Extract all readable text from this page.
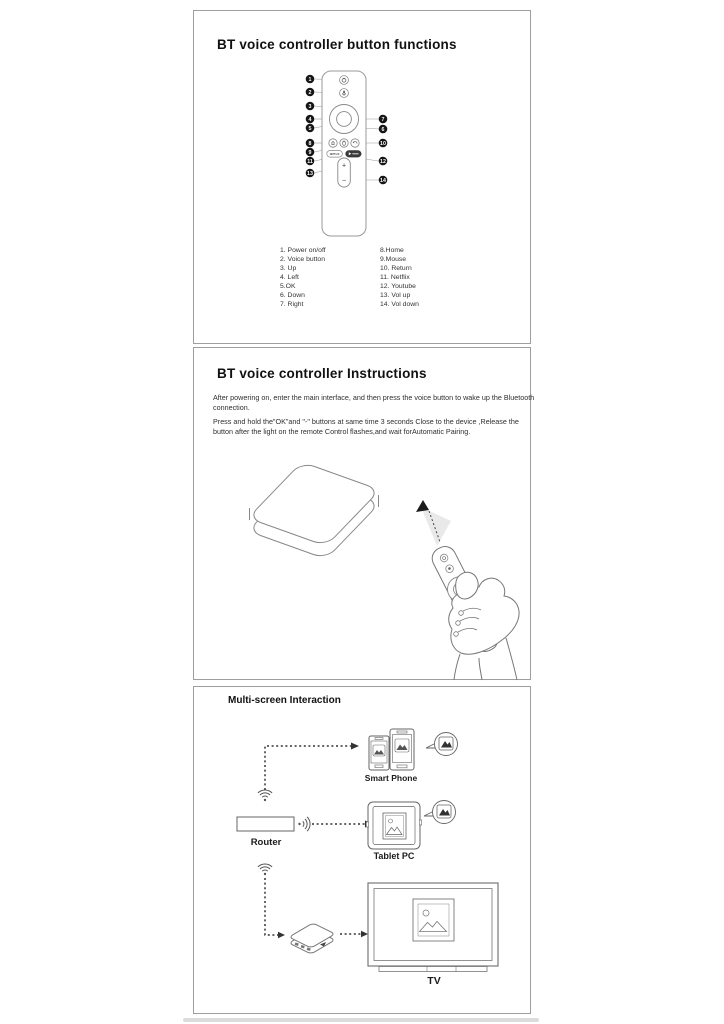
BT voice controller button functions
NETFLIX
+
−
1
2
3
4
5	6
7
8
9
10
11	12
13
14
1. Power on/off
2. Voice button
3. Up
4. Left
5.OK
6. Down
7. Right
8.Home
9.Mouse
10. Return
11. Netflix
12. Youtube
13. Vol up
14. Vol down
BT voice controller Instructions
After powering on, enter the main interface, and then press the voice button to wake up the Bluetooth connection.
Press and hold the"OK"and "-" buttons at same time 3 seconds Close to the device ,Release the button after the light on the remote Control flashes,and wait forAutomatic Pairing.
Multi-screen Interaction
Smart Phone
Router
Tablet PC
TV
